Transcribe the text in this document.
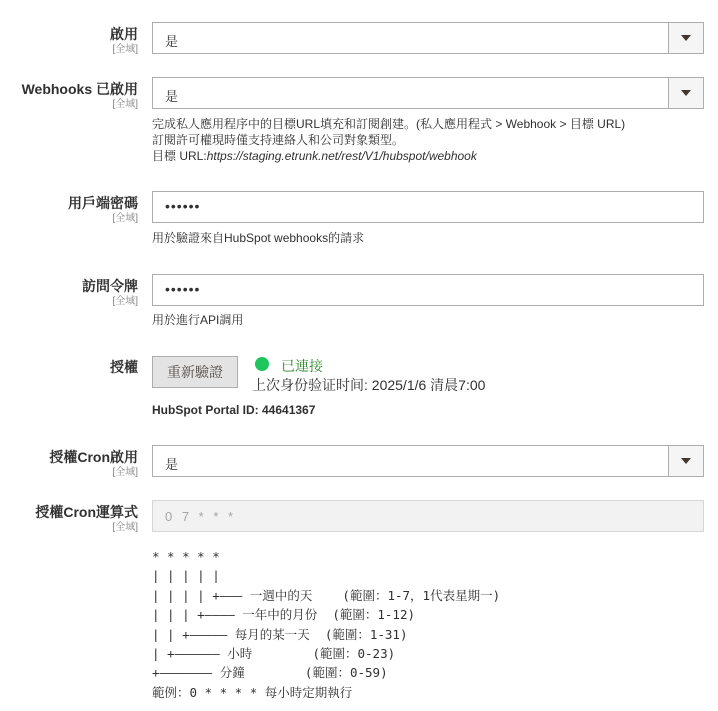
啟用
[全域]
是
Webhooks 已啟用
[全域]
是
完成私人應用程序中的目標URL填充和訂閱創建。(私人應用程式 > Webhook > 目標 URL)
訂閱許可權現時僅支持連絡人和公司對象類型。
目標 URL:https://staging.etrunk.net/rest/V1/hubspot/webhook
用戶端密碼
[全域]
••••••
用於驗證來自HubSpot webhooks的請求
訪問令牌
[全域]
••••••
用於進行API調用
授權	重新驗證	已連接
上次身份验证时间: 2025/1/6 清晨7:00
HubSpot Portal ID: 44641367
授權Cron啟用
[全域]
是
授權Cron運算式
[全域]
0 7 * * *
* * * * *
| | | | |
| | | | +——— 一週中的天    (範圍：1-7，1代表星期一)
| | | +———— 一年中的月份  (範圍：1-12)
| | +————— 每月的某一天  (範圍：1-31)
| +—————— 小時        (範圍：0-23)
+——————— 分鐘        (範圍：0-59)
範例：0 * * * * 每小時定期執行
